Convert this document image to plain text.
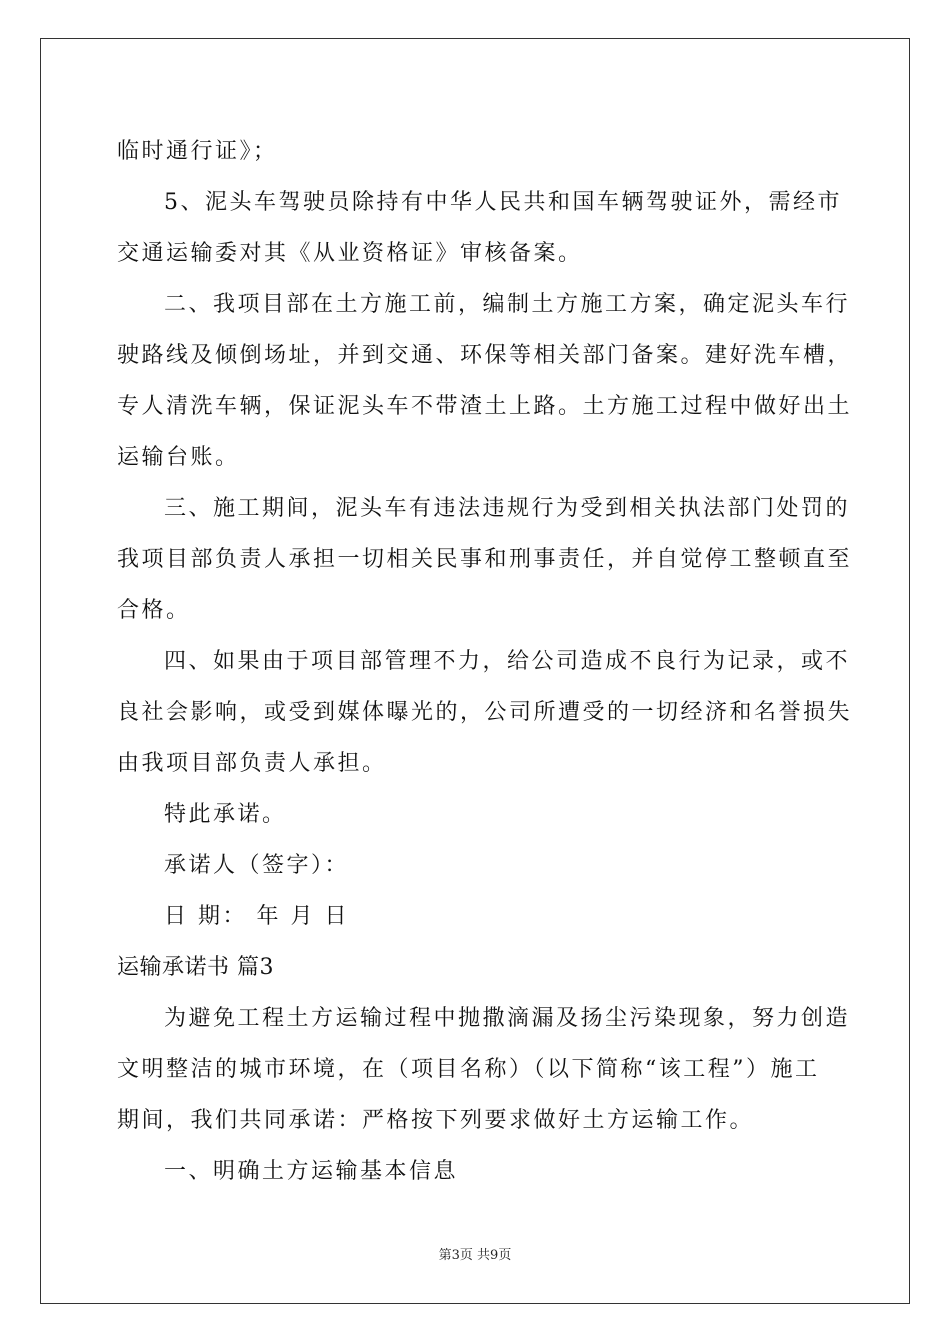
临时通行证》；
5、泥头车驾驶员除持有中华人民共和国车辆驾驶证外，需经市
交通运输委对其《从业资格证》审核备案。
二、我项目部在土方施工前，编制土方施工方案，确定泥头车行
驶路线及倾倒场址，并到交通、环保等相关部门备案。建好洗车槽，
专人清洗车辆，保证泥头车不带渣土上路。土方施工过程中做好出土
运输台账。
三、施工期间，泥头车有违法违规行为受到相关执法部门处罚的
我项目部负责人承担一切相关民事和刑事责任，并自觉停工整顿直至
合格。
四、如果由于项目部管理不力，给公司造成不良行为记录，或不
良社会影响，或受到媒体曝光的，公司所遭受的一切经济和名誉损失
由我项目部负责人承担。
特此承诺。
承诺人（签字）：
日 期： 年 月 日
运输承诺书 篇3
为避免工程土方运输过程中抛撒滴漏及扬尘污染现象，努力创造
文明整洁的城市环境，在（项目名称）（以下简称“该工程”）施工
期间，我们共同承诺：严格按下列要求做好土方运输工作。
一、明确土方运输基本信息
第3页 共9页
